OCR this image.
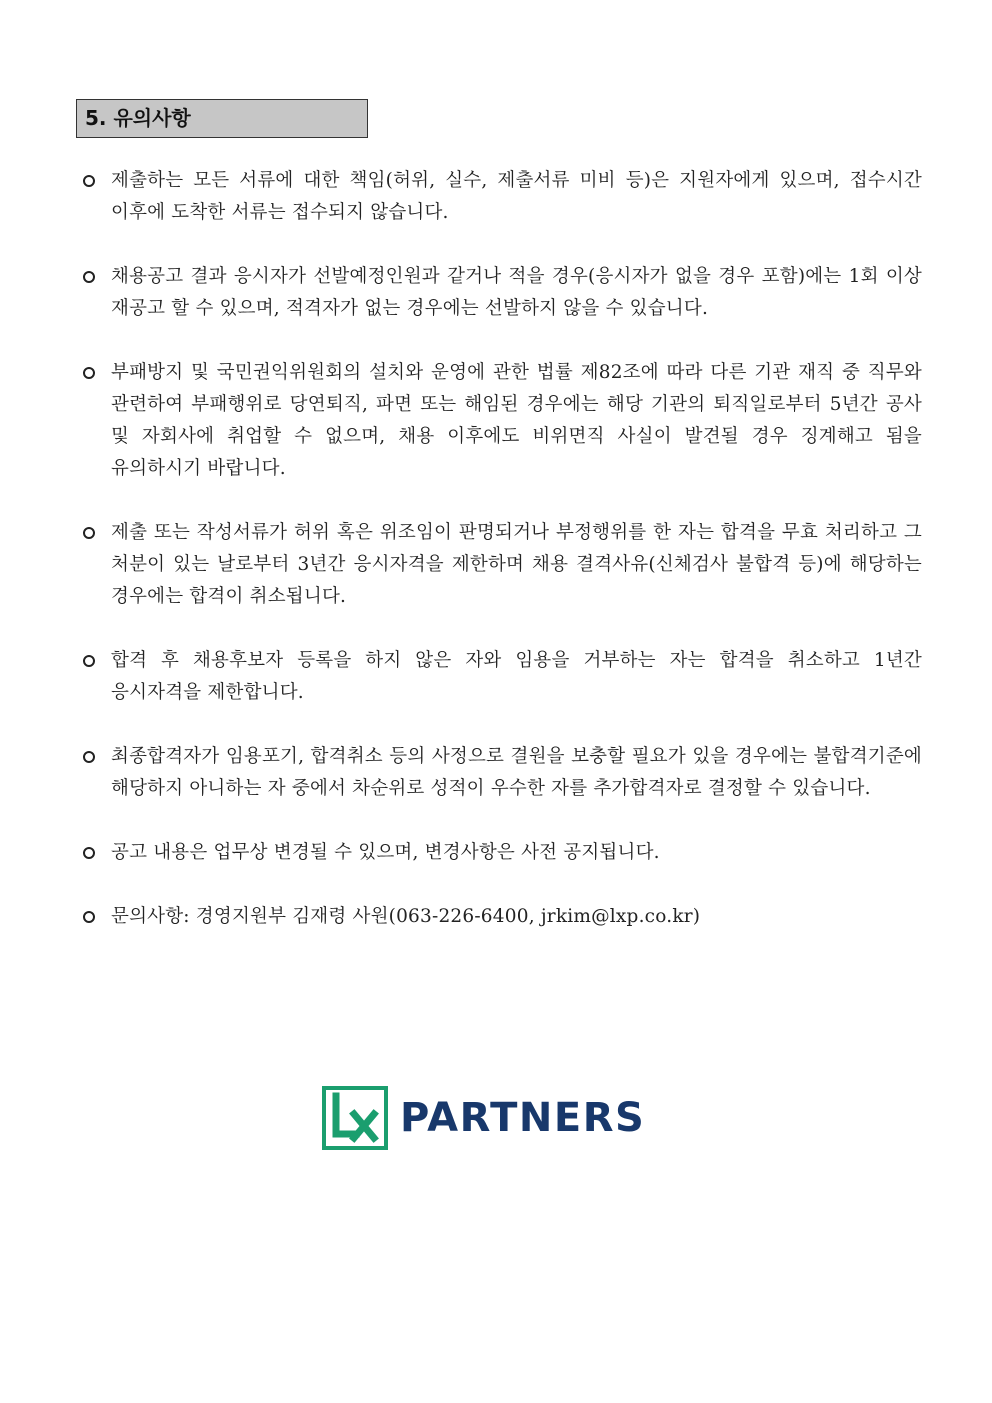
5. 유의사항
제출하는 모든 서류에 대한 책임(허위, 실수, 제출서류 미비 등)은 지원자에게 있으며, 접수시간 이후에 도착한 서류는 접수되지 않습니다.
채용공고 결과 응시자가 선발예정인원과 같거나 적을 경우(응시자가 없을 경우 포함)에는 1회 이상 재공고 할 수 있으며, 적격자가 없는 경우에는 선발하지 않을 수 있습니다.
부패방지 및 국민권익위원회의 설치와 운영에 관한 법률 제82조에 따라 다른 기관 재직 중 직무와 관련하여 부패행위로 당연퇴직, 파면 또는 해임된 경우에는 해당 기관의 퇴직일로부터 5년간 공사 및 자회사에 취업할 수 없으며, 채용 이후에도 비위면직 사실이 발견될 경우 징계해고 됨을 유의하시기 바랍니다.
제출 또는 작성서류가 허위 혹은 위조임이 판명되거나 부정행위를 한 자는 합격을 무효 처리하고 그 처분이 있는 날로부터 3년간 응시자격을 제한하며 채용 결격사유(신체검사 불합격 등)에 해당하는 경우에는 합격이 취소됩니다.
합격 후 채용후보자 등록을 하지 않은 자와 임용을 거부하는 자는 합격을 취소하고 1년간 응시자격을 제한합니다.
최종합격자가 임용포기, 합격취소 등의 사정으로 결원을 보충할 필요가 있을 경우에는 불합격기준에 해당하지 아니하는 자 중에서 차순위로 성적이 우수한 자를 추가합격자로 결정할 수 있습니다.
공고 내용은 업무상 변경될 수 있으며, 변경사항은 사전 공지됩니다.
문의사항: 경영지원부 김재령 사원(063-226-6400, jrkim@lxp.co.kr)
PARTNERS
